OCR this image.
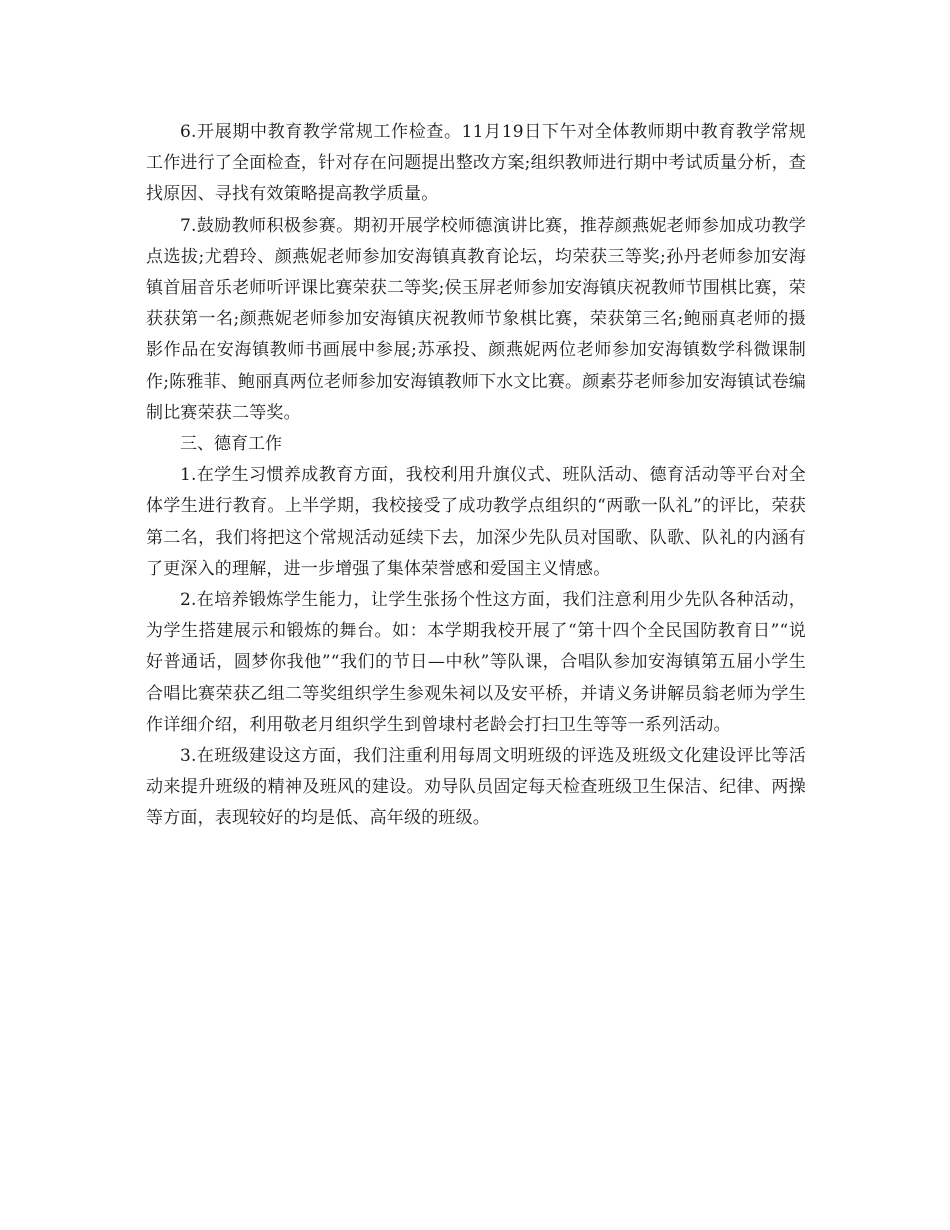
6.开展期中教育教学常规工作检查。11月19日下午对全体教师期中教育教学常规工作进行了全面检查，针对存在问题提出整改方案;组织教师进行期中考试质量分析，查找原因、寻找有效策略提高教学质量。

7.鼓励教师积极参赛。期初开展学校师德演讲比赛，推荐颜燕妮老师参加成功教学点选拔;尤碧玲、颜燕妮老师参加安海镇真教育论坛，均荣获三等奖;孙丹老师参加安海镇首届音乐老师听评课比赛荣获二等奖;侯玉屏老师参加安海镇庆祝教师节围棋比赛，荣获获第一名;颜燕妮老师参加安海镇庆祝教师节象棋比赛，荣获第三名;鲍丽真老师的摄影作品在安海镇教师书画展中参展;苏承投、颜燕妮两位老师参加安海镇数学科微课制作;陈雅菲、鲍丽真两位老师参加安海镇教师下水文比赛。颜素芬老师参加安海镇试卷编制比赛荣获二等奖。

三、德育工作

1.在学生习惯养成教育方面，我校利用升旗仪式、班队活动、德育活动等平台对全体学生进行教育。上半学期，我校接受了成功教学点组织的“两歌一队礼”的评比，荣获第二名，我们将把这个常规活动延续下去，加深少先队员对国歌、队歌、队礼的内涵有了更深入的理解，进一步增强了集体荣誉感和爱国主义情感。

2.在培养锻炼学生能力，让学生张扬个性这方面，我们注意利用少先队各种活动，为学生搭建展示和锻炼的舞台。如：本学期我校开展了“第十四个全民国防教育日”“说好普通话，圆梦你我他”“我们的节日—中秋”等队课，合唱队参加安海镇第五届小学生合唱比赛荣获乙组二等奖组织学生参观朱祠以及安平桥，并请义务讲解员翁老师为学生作详细介绍，利用敬老月组织学生到曾埭村老龄会打扫卫生等等一系列活动。

3.在班级建设这方面，我们注重利用每周文明班级的评选及班级文化建设评比等活动来提升班级的精神及班风的建设。劝导队员固定每天检查班级卫生保洁、纪律、两操等方面，表现较好的均是低、高年级的班级。
